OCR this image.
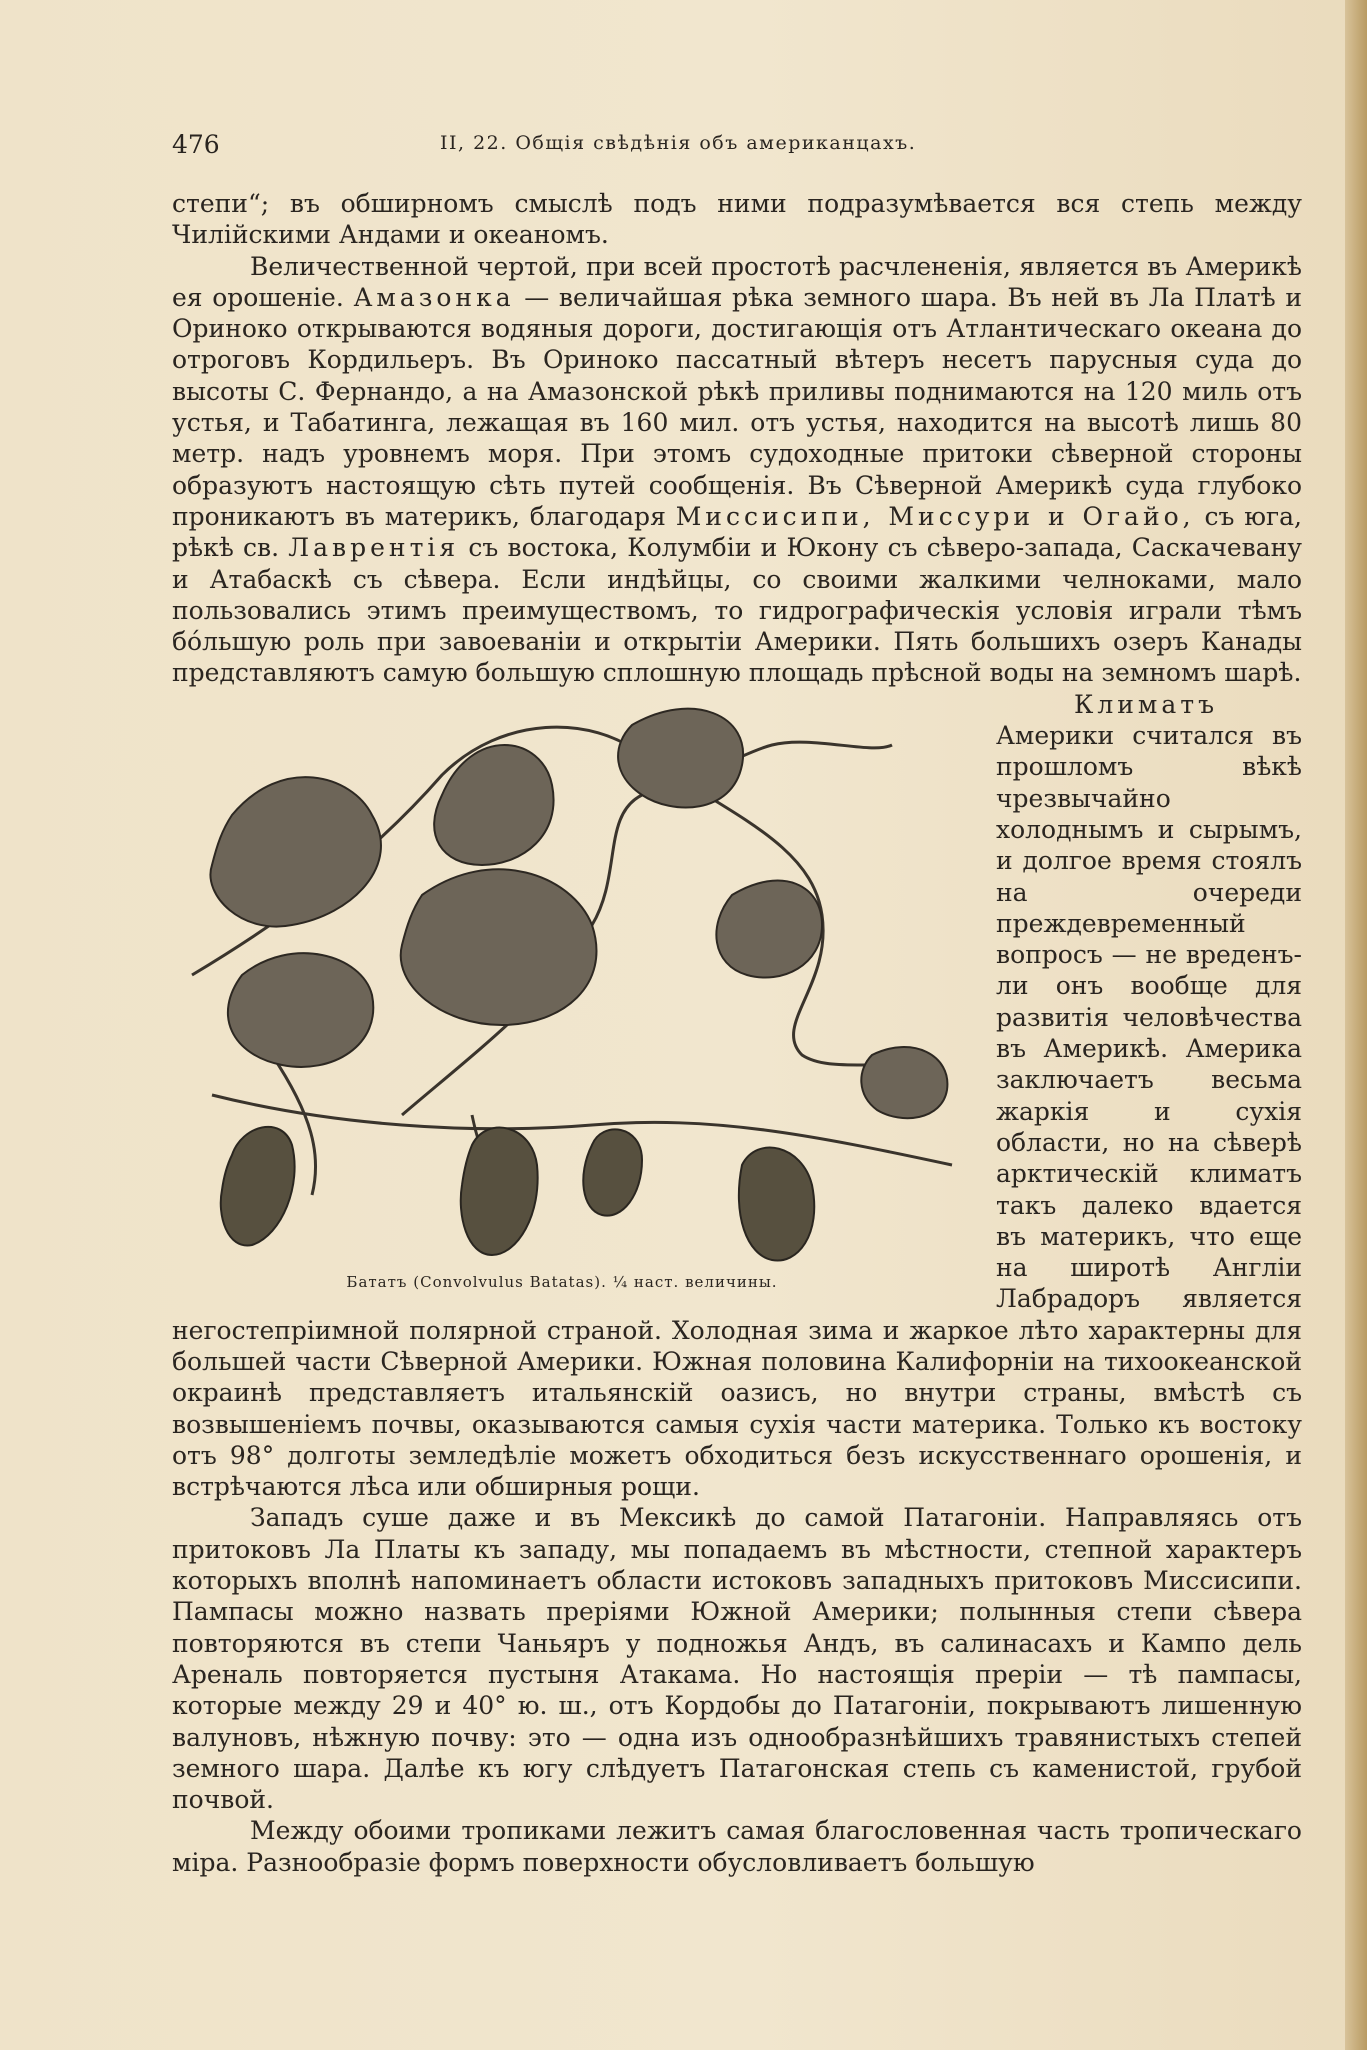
476	II, 22. Общія свѣдѣнія объ американцахъ.

степи“; въ обширномъ смыслѣ подъ ними подразумѣвается вся степь между Чилійскими Андами и океаномъ.

Величественной чертой, при всей простотѣ расчлененія, является въ Америкѣ ея орошеніе. Амазонка — величайшая рѣка земного шара. Въ ней въ Ла Платѣ и Ориноко открываются водяныя дороги, достигающія отъ Атлантическаго океана до отроговъ Кордильеръ. Въ Ориноко пассатный вѣтеръ несетъ парусныя суда до высоты С. Фернандо, а на Амазонской рѣкѣ приливы поднимаются на 120 миль отъ устья, и Табатинга, лежащая въ 160 мил. отъ устья, находится на высотѣ лишь 80 метр. надъ уровнемъ моря. При этомъ судоходные притоки сѣверной стороны образуютъ настоящую сѣть путей сообщенія. Въ Сѣверной Америкѣ суда глубоко проникаютъ въ материкъ, благодаря Миссисипи, Миссури и Огайо, съ юга, рѣкѣ св. Лаврентія съ востока, Колумбіи и Юкону съ сѣверо-запада, Саскачевану и Атабаскѣ съ сѣвера. Если индѣйцы, со своими жалкими челноками, мало пользовались этимъ преимуществомъ, то гидрографическія условія играли тѣмъ бóльшую роль при завоеваніи и открытіи Америки. Пять большихъ озеръ Канады представляютъ самую большую сплошную площадь прѣсной воды на земномъ шарѣ.

Бататъ (Convolvulus Batatas). ¼ наст. величины.

Климатъ Америки считался въ прошломъ вѣкѣ чрезвычайно холоднымъ и сырымъ, и долгое время стоялъ на очереди преждевременный вопросъ — не вреденъ-ли онъ вообще для развитія человѣчества въ Америкѣ. Америка заключаетъ весьма жаркія и сухія области, но на сѣверѣ арктическій климатъ такъ далеко вдается въ материкъ, что еще на широтѣ Англіи Лабрадоръ является негостепріимной полярной страной. Холодная зима и жаркое лѣто характерны для большей части Сѣверной Америки. Южная половина Калифорніи на тихоокеанской окраинѣ представляетъ итальянскій оазисъ, но внутри страны, вмѣстѣ съ возвышеніемъ почвы, оказываются самыя сухія части материка. Только къ востоку отъ 98° долготы земледѣліе можетъ обходиться безъ искусственнаго орошенія, и встрѣчаются лѣса или обширныя рощи.

Западъ суше даже и въ Мексикѣ до самой Патагоніи. Направляясь отъ притоковъ Ла Платы къ западу, мы попадаемъ въ мѣстности, степной характеръ которыхъ вполнѣ напоминаетъ области истоковъ западныхъ притоковъ Миссисипи. Пампасы можно назвать преріями Южной Америки; полынныя степи сѣвера повторяются въ степи Чаньяръ у подножья Андъ, въ салинасахъ и Кампо дель Ареналь повторяется пустыня Атакама. Но настоящія преріи — тѣ пампасы, которые между 29 и 40° ю. ш., отъ Кордобы до Патагоніи, покрываютъ лишенную валуновъ, нѣжную почву: это — одна изъ однообразнѣйшихъ травянистыхъ степей земного шара. Далѣе къ югу слѣдуетъ Патагонская степь съ каменистой, грубой почвой.

Между обоими тропиками лежитъ самая благословенная часть тропическаго міра. Разнообразіе формъ поверхности обусловливаетъ большую
